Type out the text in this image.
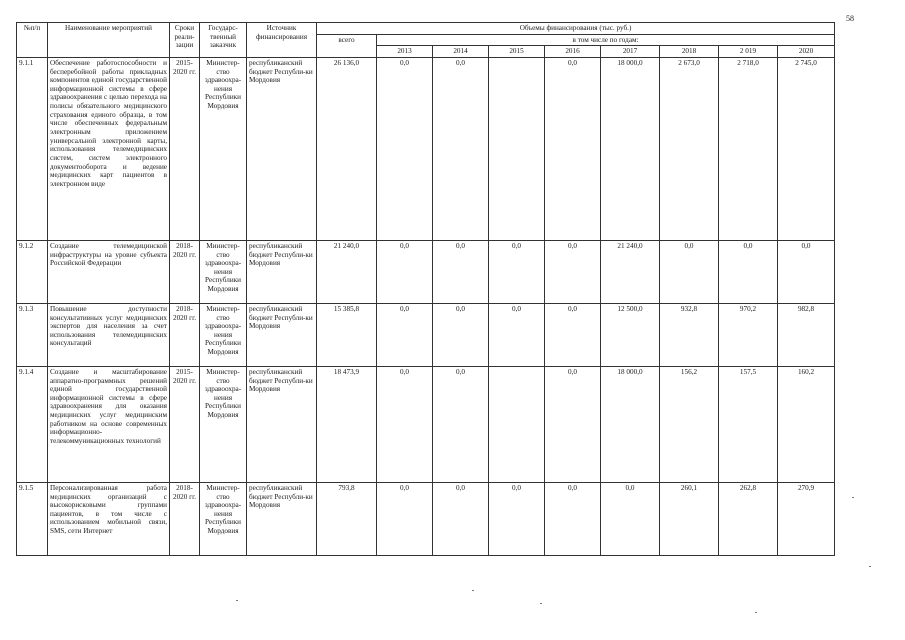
58
№п/п	Наименование мероприятий	Сроки реали-зации	Государс-твенный заказчик	Источник финансирования	Объемы финансирования (тыс. руб.)								
					всего	в том числе по годам:							
						2013	2014	2015	2016	2017	2018	2 019	2020
9.1.1	Обеспечение работоспособности и бесперебойной работы прикладных компонентов единой государственной информационной системы в сфере здравоохранения с целью перехода на полисы обязательного медицинского страхования единого образца, в том числе обеспеченных федеральным электронным приложением универсальной электронной карты, использования телемедицинских систем, систем электронного документооборота и ведение медицинских карт пациентов в электронном виде	2015-2020 гг.	Министер-ство здравоохра-нения Республики Мордовия	республиканский бюджет Республи-ки Мордовия	26 136,0	0,0	0,0		0,0	18 000,0	2 673,0	2 718,0	2 745,0
9.1.2	Создание телемедицинской инфраструктуры на уровне субъекта Российской Федерации	2018-2020 гг.	Министер-ство здравоохра-нения Республики Мордовия	республиканский бюджет Республи-ки Мордовия	21 240,0	0,0	0,0	0,0	0,0	21 240,0	0,0	0,0	0,0
9.1.3	Повышение доступности консультативных услуг медицинских экспертов для населения за счет использования телемедицинских консультаций	2018-2020 гг.	Министер-ство здравоохра-нения Республики Мордовия	республиканский бюджет Республи-ки Мордовия	15 385,8	0,0	0,0	0,0	0,0	12 500,0	932,8	970,2	982,8
9.1.4	Создание и масштабирование аппаратно-программных решений единой государственной информационной системы в сфере здравоохранения для оказания медицинских услуг медицинским работником на основе современных информационно-телекоммуникационных технологий	2015-2020 гг.	Министер-ство здравоохра-нения Республики Мордовия	республиканский бюджет Республи-ки Мордовия	18 473,9	0,0	0,0		0,0	18 000,0	156,2	157,5	160,2
9.1.5	Персонализированная работа медицинских организаций с высокорисковыми группами пациентов, в том числе с использованием мобильной связи, SMS, сети Интернет	2018-2020 гг.	Министер-ство здравоохра-нения Республики Мордовия	республиканский бюджет Республи-ки Мордовия	793,8	0,0	0,0	0,0	0,0	0,0	260,1	262,8	270,9
